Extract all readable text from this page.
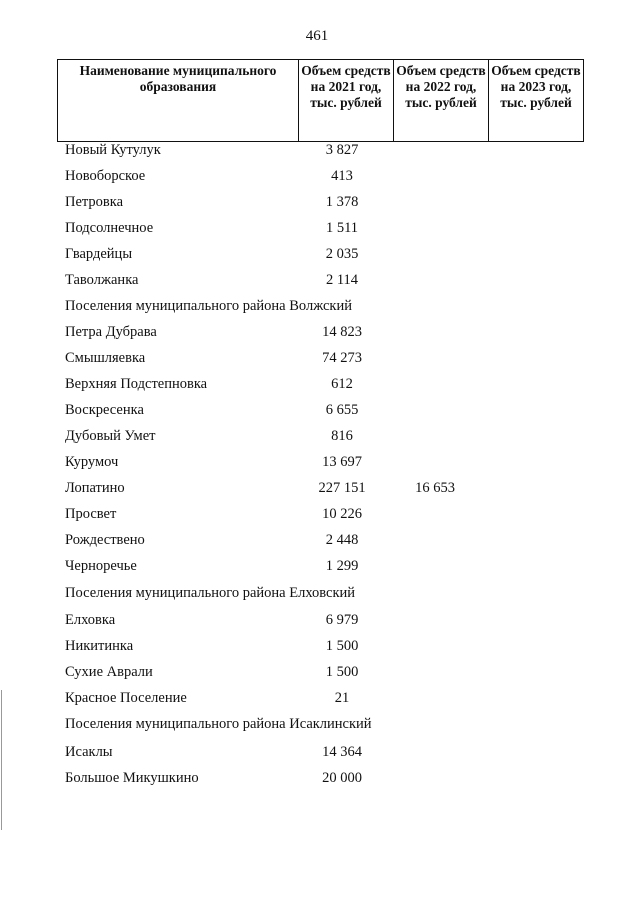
461
Наименование муниципального образования	Объем средств на 2021 год, тыс. рублей	Объем средств на 2022 год, тыс. рублей	Объем средств на 2023 год, тыс. рублей
Новый Кутулук	3 827
Новоборское	413
Петровка	1 378
Подсолнечное	1 511
Гвардейцы	2 035
Таволжанка	2 114
Поселения муниципального района Волжский
Петра Дубрава	14 823
Смышляевка	74 273
Верхняя Подстепновка	612
Воскресенка	6 655
Дубовый Умет	816
Курумоч	13 697
Лопатино	227 151	16 653
Просвет	10 226
Рождествено	2 448
Черноречье	1 299
Поселения муниципального района Елховский
Елховка	6 979
Никитинка	1 500
Сухие Аврали	1 500
Красное Поселение	21
Поселения муниципального района Исаклинский
Исаклы	14 364
Большое Микушкино	20 000
